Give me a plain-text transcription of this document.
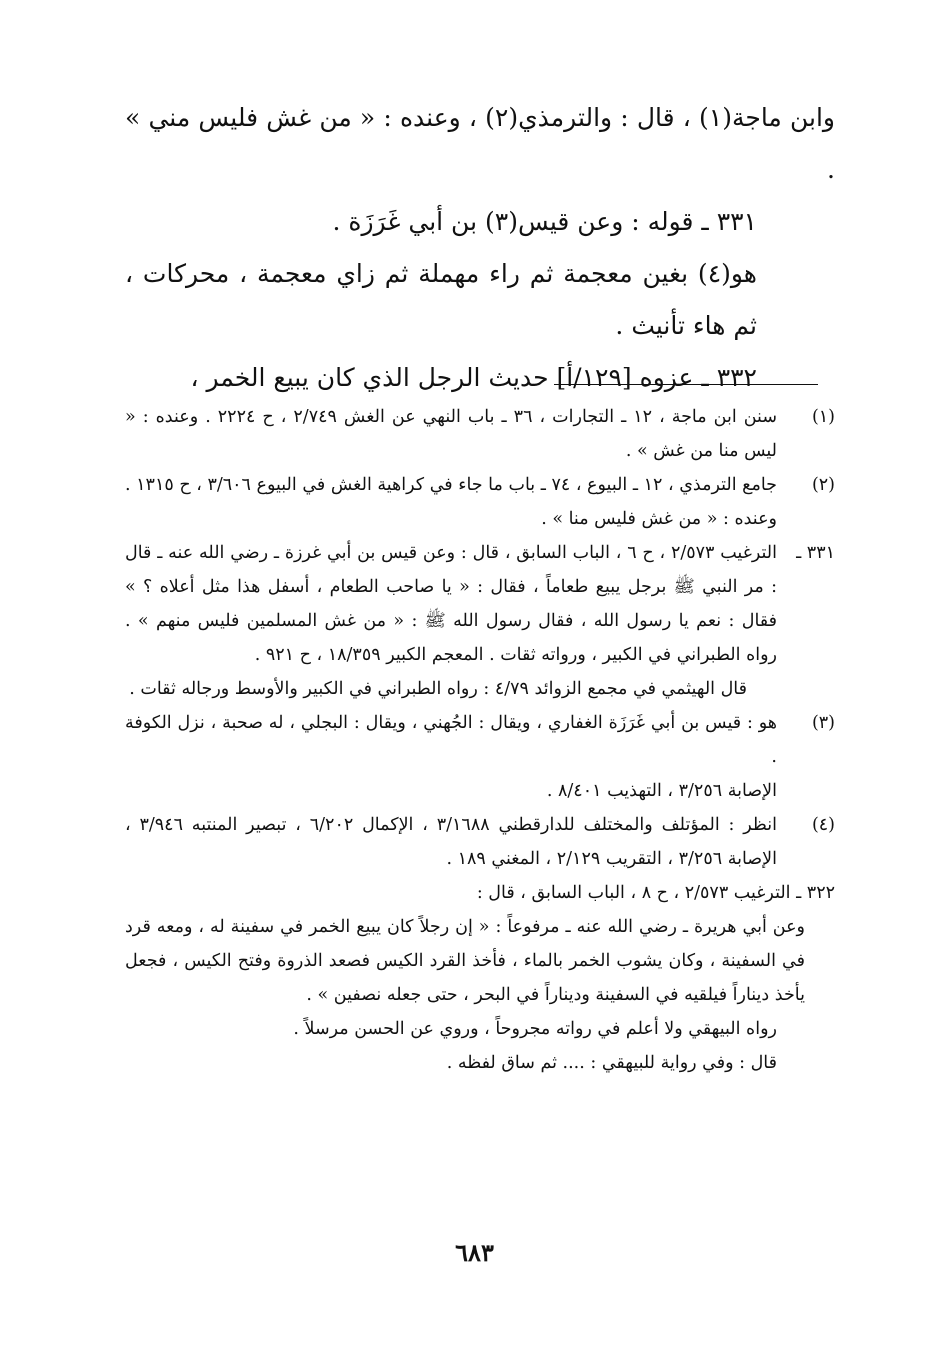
وابن ماجة(١) ، قال : والترمذي(٢) ، وعنده : « من غش فليس مني » .

٣٣١ ـ قوله : وعن قيس(٣) بن أبي غَرَزَة .

هو(٤) بغين معجمة ثم راء مهملة ثم زاي معجمة ، محركات ، ثم هاء تأنيث .

٣٣٢ ـ عزوه [١٢٩/أ] حديث الرجل الذي كان يبيع الخمر ،

(١)

سنن ابن ماجة ، ١٢ ـ التجارات ، ٣٦ ـ باب النهي عن الغش ٢/٧٤٩ ، ح ٢٢٢٤ . وعنده : « ليس منا من غش » .

(٢)

جامع الترمذي ، ١٢ ـ البيوع ، ٧٤ ـ باب ما جاء في كراهية الغش في البيوع ٣/٦٠٦ ، ح ١٣١٥ . وعنده : « من غش فليس منا » .

٣٣١ ـ

الترغيب ٢/٥٧٣ ، ح ٦ ، الباب السابق ، قال : وعن قيس بن أبي غرزة ـ رضي الله عنه ـ قال : مر النبي ﷺ برجل يبيع طعاماً ، فقال : « يا صاحب الطعام ، أسفل هذا مثل أعلاه ؟ » فقال : نعم يا رسول الله ، فقال رسول الله ﷺ : « من غش المسلمين فليس منهم » . رواه الطبراني في الكبير ، ورواته ثقات . المعجم الكبير ١٨/٣٥٩ ، ح ٩٢١ .

قال الهيثمي في مجمع الزوائد ٤/٧٩ : رواه الطبراني في الكبير والأوسط ورجاله ثقات .

(٣)

هو : قيس بن أبي غَرَزَة الغفاري ، ويقال : الجُهني ، ويقال : البجلي ، له صحبة ، نزل الكوفة .

الإصابة ٣/٢٥٦ ، التهذيب ٨/٤٠١ .

(٤)

انظر : المؤتلف والمختلف للدارقطني ٣/١٦٨٨ ، الإكمال ٦/٢٠٢ ، تبصير المنتبه ٣/٩٤٦ ، الإصابة ٣/٢٥٦ ، التقريب ٢/١٢٩ ، المغني ١٨٩ .

٣٢٢ ـ الترغيب ٢/٥٧٣ ، ح ٨ ، الباب السابق ، قال :

وعن أبي هريرة ـ رضي الله عنه ـ مرفوعاً : « إن رجلاً كان يبيع الخمر في سفينة له ، ومعه قرد في السفينة ، وكان يشوب الخمر بالماء ، فأخذ القرد الكيس فصعد الذروة وفتح الكيس ، فجعل يأخذ ديناراً فيلقيه في السفينة وديناراً في البحر ، حتى جعله نصفين » .

رواه البيهقي ولا أعلم في رواته مجروحاً ، وروي عن الحسن مرسلاً .

قال : وفي رواية للبيهقي : .... ثم ساق لفظه .

٦٨٣
